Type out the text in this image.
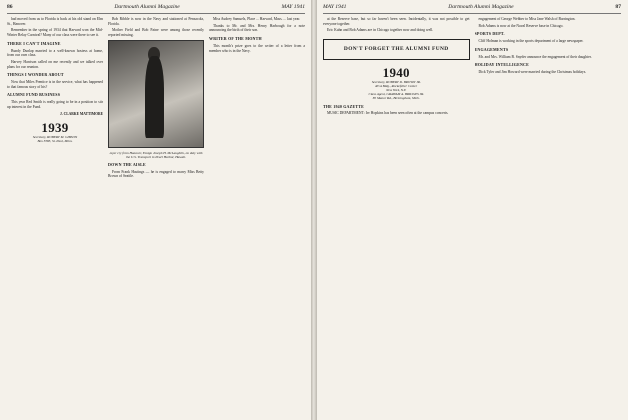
86	Dartmouth Alumni Magazine	MAY 1941

had moved from us to Florida is back at his old stand on Elm St., Hanover.

Remember in the spring of 1934 that Harvard won the Mid-Winter Relay Carnival? Many of our class were there to see it.

THERE I CAN'T IMAGINE

Bundy Dunlap married to a well-known hostess at home, from our own class.

Harvey Harrison called on me recently and we talked over plans for our reunion.

THINGS I WONDER ABOUT

Now that Miles Prentice is in the service, what has happened to that famous story of his?

ALUMNI FUND BUSINESS

This year Red Smith is really going to be in a position to stir up interest in the Fund.

J. CLARKE MATTIMORE
1939
Secretary, ROBERT M. GIBSON
Box 3383, St. Paul, Minn.

Bob Ribble is now in the Navy and stationed at Pensacola, Florida.

Mother Field and Bob Paine were among those recently reported missing.

A jar cry from Hanover, Ensign Joseph H. McLaughlin, on duty with the U.S. Transport in Pearl Harbor, Hawaii.
DOWN THE AISLE

From Frank Hastings — he is engaged to marry Miss Betty Brown of Seattle.

Miss Audrey Samuels, Place ... Harvard, Mass. ... last year.

Thanks to Mr. and Mrs. Henry Harbough for a note announcing the birth of their son.

WRITER OF THE MONTH

This month's prize goes to the writer of a letter from a member who is in the Navy.

MAY 1941	Dartmouth Alumni Magazine	87

at the Reserve base, but so far haven't been seen. Incidentally, it was not possible to get everyone together.

Eric Kuhn and Bob Adams are in Chicago together now and doing well.

DON'T FORGET THE ALUMNI FUND
1940
Secretary, ROBERT D. BROWN JR.
RCA Bldg., Rockefeller Center
New York, N.Y.
Class Agent, GRAHAM A. BRIDGES JR.
85 Manor Rd., Birmingham, Mich.
THE 1940 GAZETTE

MUSIC DEPARTMENT: Irv Hopkins has been seen often at the campus concerts.

engagement of George Webber to Miss Jane Walsh of Barrington.

Bob Adams is now at the Naval Reserve base in Chicago.

SPORTS DEPT.

Cliff Holman is working in the sports department of a large newspaper.

ENGAGEMENTS

Mr. and Mrs. William B. Snyder announce the engagement of their daughter.

HOLIDAY INTELLIGENCE

Dick Tyler and Jim Howard were married during the Christmas holidays.
